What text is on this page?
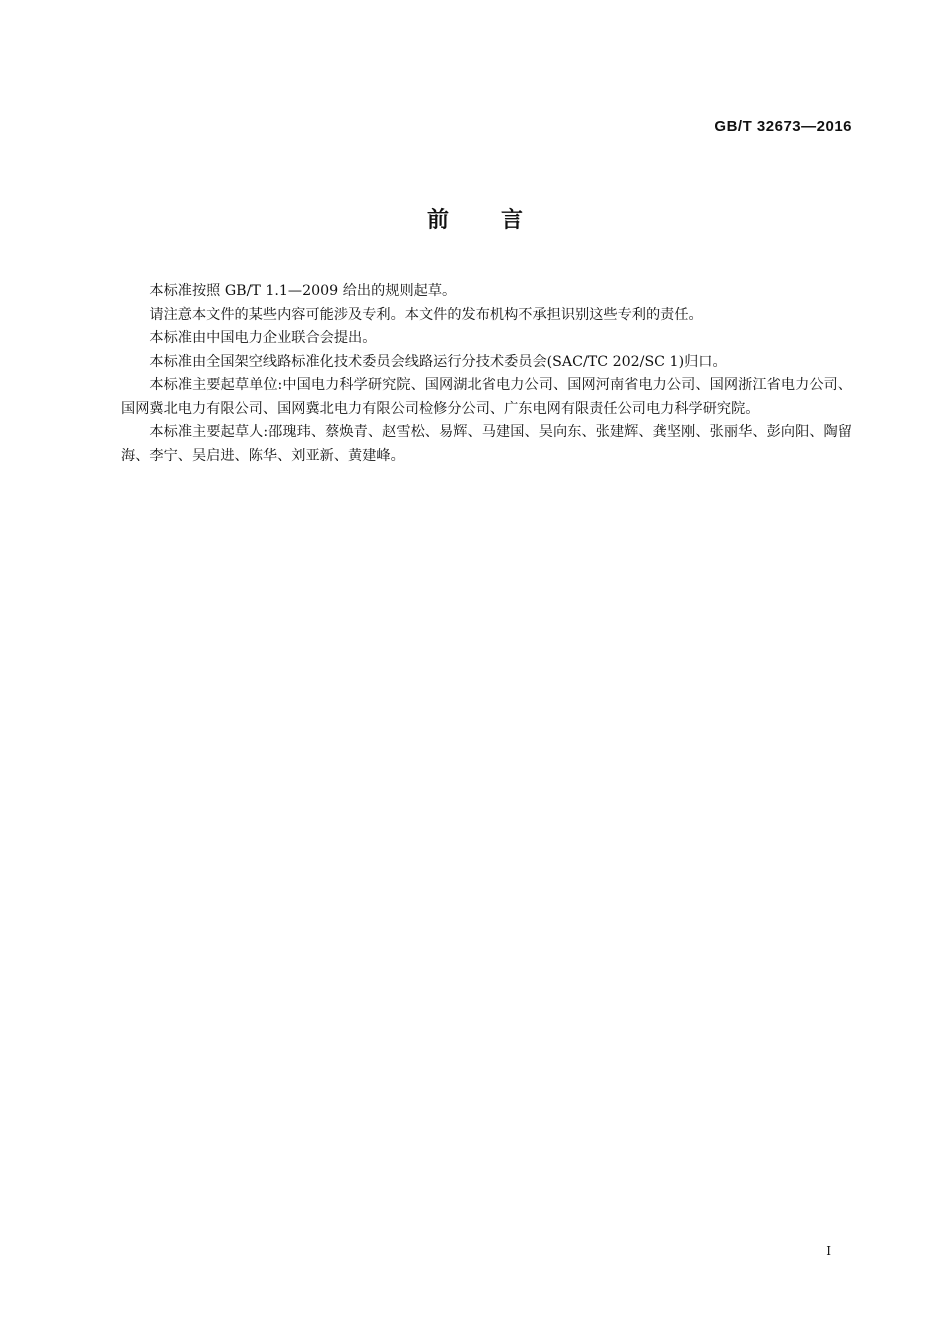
GB/T 32673—2016
前言

本标准按照 GB/T 1.1—2009 给出的规则起草。

请注意本文件的某些内容可能涉及专利。本文件的发布机构不承担识别这些专利的责任。

本标准由中国电力企业联合会提出。

本标准由全国架空线路标准化技术委员会线路运行分技术委员会(SAC/TC 202/SC 1)归口。

本标准主要起草单位:中国电力科学研究院、国网湖北省电力公司、国网河南省电力公司、国网浙江省电力公司、国网冀北电力有限公司、国网冀北电力有限公司检修分公司、广东电网有限责任公司电力科学研究院。

本标准主要起草人:邵瑰玮、蔡焕青、赵雪松、易辉、马建国、吴向东、张建辉、龚坚刚、张丽华、彭向阳、陶留海、李宁、吴启进、陈华、刘亚新、黄建峰。

I
